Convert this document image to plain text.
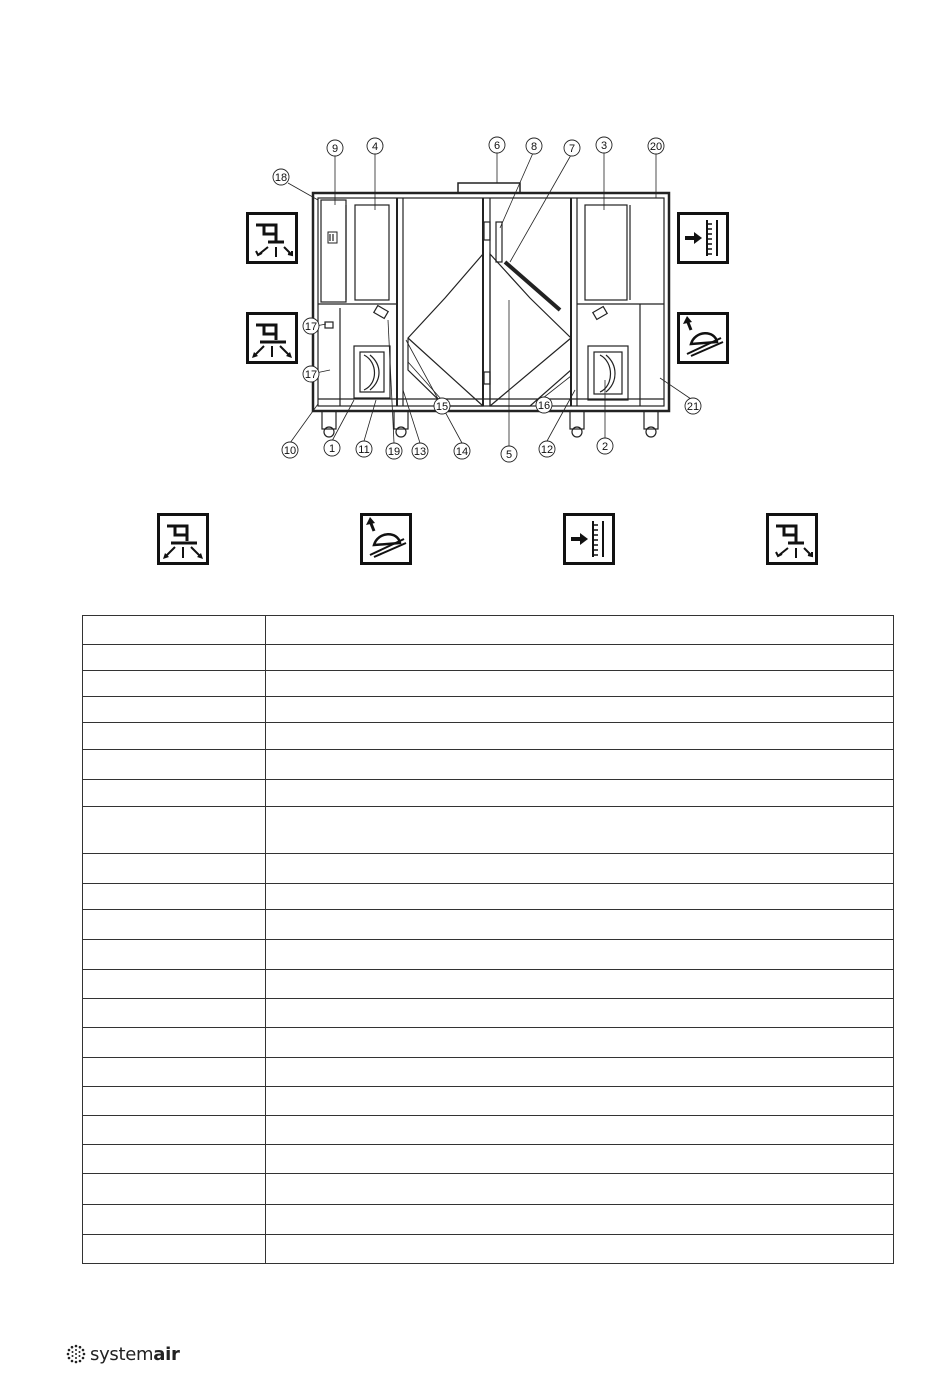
9	4	6	8	7 3	20
18
17
17
10	1 11 19 13
15
14	5
16
12	2
21

systemair
